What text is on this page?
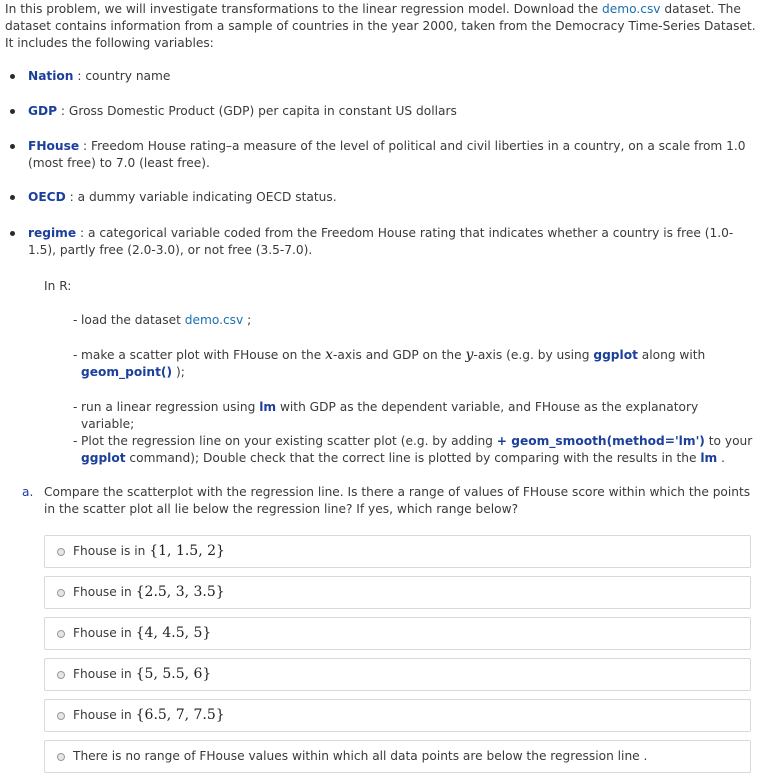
In this problem, we will investigate transformations to the linear regression model. Download the demo.csv dataset. The dataset contains information from a sample of countries in the year 2000, taken from the Democracy Time-Series Dataset. It includes the following variables:

Nation : country name
GDP : Gross Domestic Product (GDP) per capita in constant US dollars
FHouse : Freedom House rating–a measure of the level of political and civil liberties in a country, on a scale from 1.0 (most free) to 7.0 (least free).
OECD : a dummy variable indicating OECD status.
regime : a categorical variable coded from the Freedom House rating that indicates whether a country is free (1.0-1.5), partly free (2.0-3.0), or not free (3.5-7.0).

In R:

- load the dataset demo.csv ;
- make a scatter plot with FHouse on the x-axis and GDP on the y-axis (e.g. by using ggplot along with geom_point() );
- run a linear regression using lm with GDP as the dependent variable, and FHouse as the explanatory variable;
- Plot the regression line on your existing scatter plot (e.g. by adding + geom_smooth(method='lm') to your ggplot command); Double check that the correct line is plotted by comparing with the results in the lm .
a. Compare the scatterplot with the regression line. Is there a range of values of FHouse score within which the points in the scatter plot all lie below the regression line? If yes, which range below?
Fhouse is in {1, 1.5, 2}
Fhouse in {2.5, 3, 3.5}
Fhouse in {4, 4.5, 5}
Fhouse in {5, 5.5, 6}
Fhouse in {6.5, 7, 7.5}
There is no range of FHouse values within which all data points are below the regression line .
